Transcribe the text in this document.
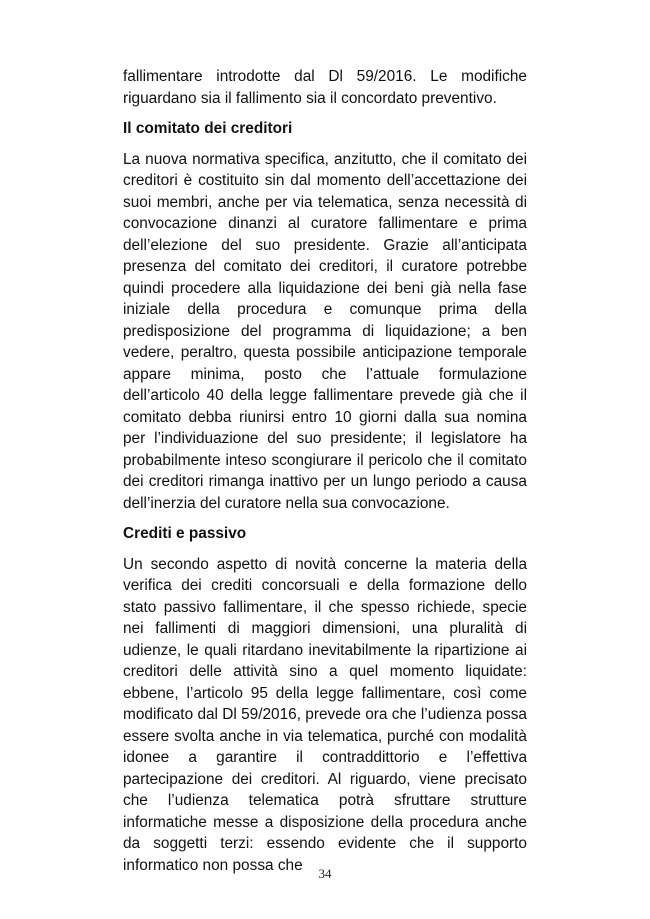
fallimentare introdotte dal Dl 59/2016. Le modifiche riguardano sia il fallimento sia il concordato preventivo.

Il comitato dei creditori

La nuova normativa specifica, anzitutto, che il comitato dei creditori è costituito sin dal momento dell’accettazione dei suoi membri, anche per via telematica, senza necessità di convocazione dinanzi al curatore fallimentare e prima dell’elezione del suo presidente. Grazie all’anticipata presenza del comitato dei creditori, il curatore potrebbe quindi procedere alla liquidazione dei beni già nella fase iniziale della procedura e comunque prima della predisposizione del programma di liquidazione; a ben vedere, peraltro, questa possibile anticipazione temporale appare minima, posto che l’attuale formulazione dell’articolo 40 della legge fallimentare prevede già che il comitato debba riunirsi entro 10 giorni dalla sua nomina per l’individuazione del suo presidente; il legislatore ha probabilmente inteso scongiurare il pericolo che il comitato dei creditori rimanga inattivo per un lungo periodo a causa dell’inerzia del curatore nella sua convocazione.

Crediti e passivo

Un secondo aspetto di novità concerne la materia della verifica dei crediti concorsuali e della formazione dello stato passivo fallimentare, il che spesso richiede, specie nei fallimenti di maggiori dimensioni, una pluralità di udienze, le quali ritardano inevitabilmente la ripartizione ai creditori delle attività sino a quel momento liquidate: ebbene, l’articolo 95 della legge fallimentare, così come modificato dal Dl 59/2016, prevede ora che l’udienza possa essere svolta anche in via telematica, purché con modalità idonee a garantire il contraddittorio e l’effettiva partecipazione dei creditori. Al riguardo, viene precisato che l’udienza telematica potrà sfruttare strutture informatiche messe a disposizione della procedura anche da soggetti terzi: essendo evidente che il supporto informatico non possa che	34
